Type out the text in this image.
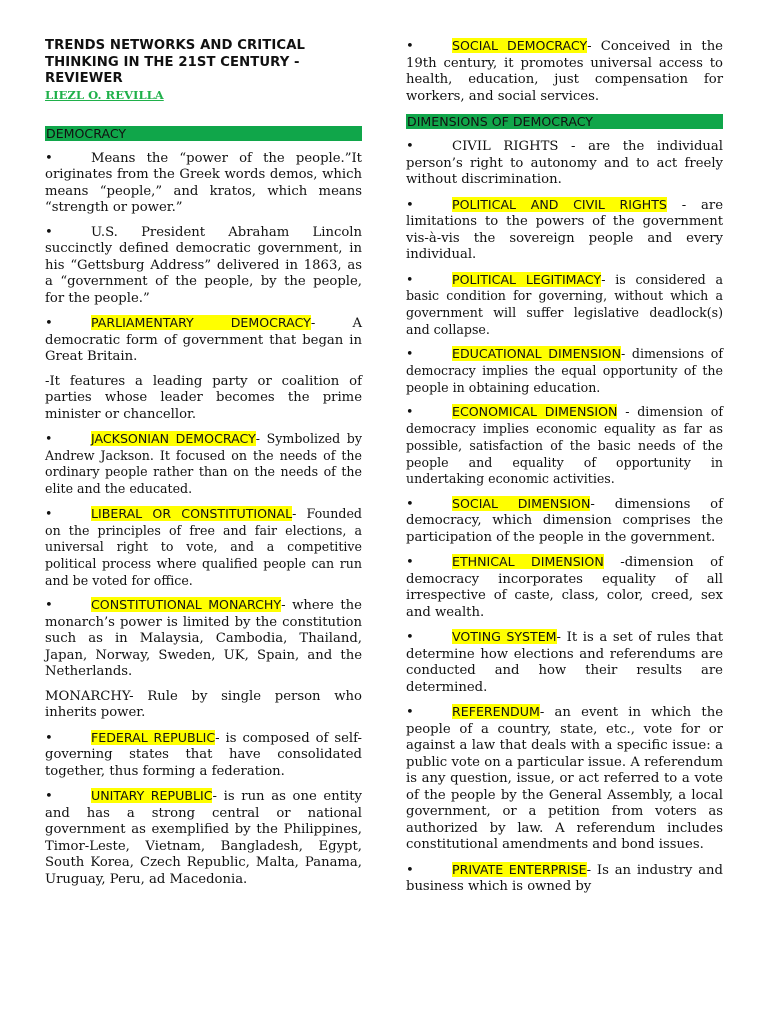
TRENDS NETWORKS AND CRITICAL
THINKING IN THE 21ST CENTURY -
REVIEWER
LIEZL O. REVILLA
DEMOCRACY

•	Means the “power of the people.”It originates from the Greek words demos, which means “people,” and kratos, which means “strength or power.”

•	U.S. President Abraham Lincoln succinctly defined democratic government, in his “Gettsburg Address” delivered in 1863, as a “government of the people, by the people, for the people.”

•	PARLIAMENTARY DEMOCRACY- A democratic form of government that began in Great Britain.

-It features a leading party or coalition of parties whose leader becomes the prime minister or chancellor.

•	JACKSONIAN DEMOCRACY- Symbolized by Andrew Jackson. It focused on the needs of the ordinary people rather than on the needs of the elite and the educated.

•	LIBERAL OR CONSTITUTIONAL- Founded on the principles of free and fair elections, a universal right to vote, and a competitive political process where qualified people can run and be voted for office.

•	CONSTITUTIONAL MONARCHY- where the monarch’s power is limited by the constitution such as in Malaysia, Cambodia, Thailand, Japan, Norway, Sweden, UK, Spain, and the Netherlands.

MONARCHY- Rule by single person who inherits power.

•	FEDERAL REPUBLIC- is composed of self- governing states that have consolidated together, thus forming a federation.

•	UNITARY REPUBLIC- is run as one entity and has a strong central or national government as exemplified by the Philippines, Timor-Leste, Vietnam, Bangladesh, Egypt, South Korea, Czech Republic, Malta, Panama, Uruguay, Peru, ad Macedonia.

•	SOCIAL DEMOCRACY- Conceived in the 19th century, it promotes universal access to health, education, just compensation for workers, and social services.

DIMENSIONS OF DEMOCRACY

•	CIVIL RIGHTS - are the individual person’s right to autonomy and to act freely without discrimination.

•	POLITICAL AND CIVIL RIGHTS - are limitations to the powers of the government vis-à-vis the sovereign people and every individual.

•	POLITICAL LEGITIMACY- is considered a basic condition for governing, without which a government will suffer legislative deadlock(s) and collapse.

•	EDUCATIONAL DIMENSION- dimensions of democracy implies the equal opportunity of the people in obtaining education.

•	ECONOMICAL DIMENSION - dimension of democracy implies economic equality as far as possible, satisfaction of the basic needs of the people and equality of opportunity in undertaking economic activities.

•	SOCIAL DIMENSION- dimensions of democracy, which dimension comprises the participation of the people in the government.

•	ETHNICAL DIMENSION -dimension of democracy incorporates equality of all irrespective of caste, class, color, creed, sex and wealth.

•	VOTING SYSTEM- It is a set of rules that determine how elections and referendums are conducted and how their results are determined.

•	REFERENDUM- an event in which the people of a country, state, etc., vote for or against a law that deals with a specific issue: a public vote on a particular issue. A referendum is any question, issue, or act referred to a vote of the people by the General Assembly, a local government, or a petition from voters as authorized by law. A referendum includes constitutional amendments and bond issues.

•	PRIVATE ENTERPRISE- Is an industry and business which is owned by
